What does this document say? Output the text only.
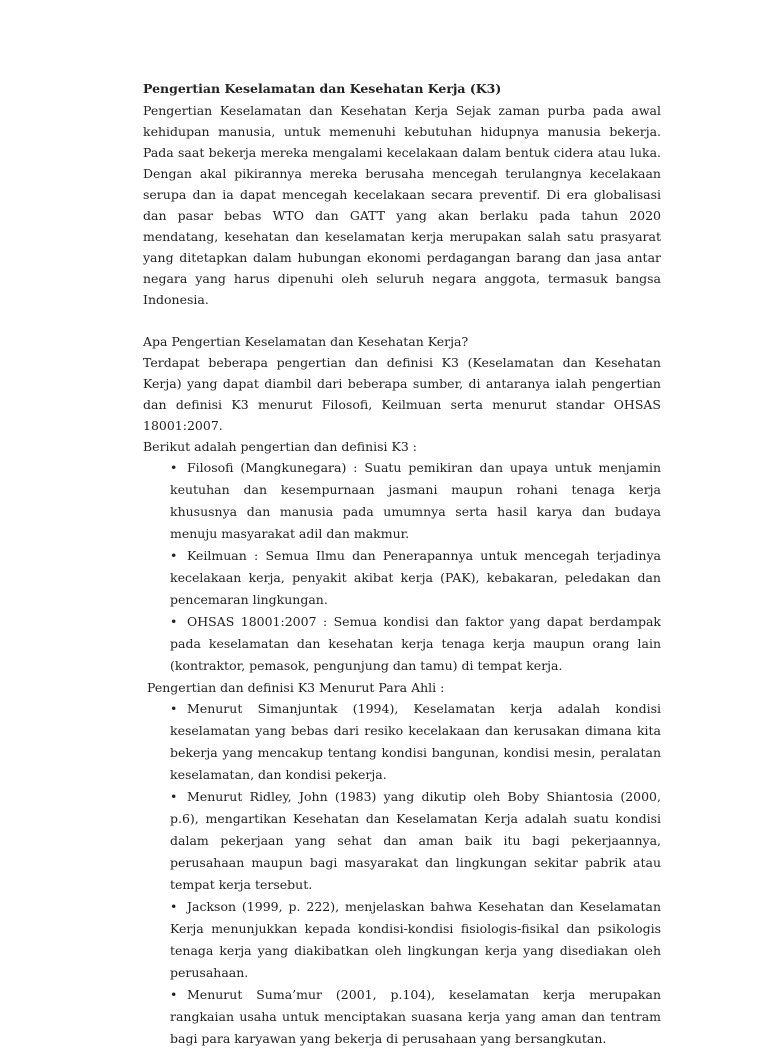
Pengertian Keselamatan dan Kesehatan Kerja (K3)

Pengertian Keselamatan dan Kesehatan Kerja Sejak zaman purba pada awal kehidupan manusia, untuk memenuhi kebutuhan hidupnya manusia bekerja. Pada saat bekerja mereka mengalami kecelakaan dalam bentuk cidera atau luka. Dengan akal pikirannya mereka berusaha mencegah terulangnya kecelakaan serupa dan ia dapat mencegah kecelakaan secara preventif. Di era globalisasi dan pasar bebas WTO dan GATT yang akan berlaku pada tahun 2020 mendatang, kesehatan dan keselamatan kerja merupakan salah satu prasyarat yang ditetapkan dalam hubungan ekonomi perdagangan barang dan jasa antar negara yang harus dipenuhi oleh seluruh negara anggota, termasuk bangsa Indonesia.

Apa Pengertian Keselamatan dan Kesehatan Kerja?

Terdapat beberapa pengertian dan definisi K3 (Keselamatan dan Kesehatan Kerja) yang dapat diambil dari beberapa sumber, di antaranya ialah pengertian dan definisi K3 menurut Filosofi, Keilmuan serta menurut standar OHSAS 18001:2007.

Berikut adalah pengertian dan definisi K3 :

• Filosofi (Mangkunegara) : Suatu pemikiran dan upaya untuk menjamin keutuhan dan kesempurnaan jasmani maupun rohani tenaga kerja khususnya dan manusia pada umumnya serta hasil karya dan budaya menuju masyarakat adil dan makmur.
• Keilmuan : Semua Ilmu dan Penerapannya untuk mencegah terjadinya kecelakaan kerja, penyakit akibat kerja (PAK), kebakaran, peledakan dan pencemaran lingkungan.
• OHSAS 18001:2007 : Semua kondisi dan faktor yang dapat berdampak pada keselamatan dan kesehatan kerja tenaga kerja maupun orang lain (kontraktor, pemasok, pengunjung dan tamu) di tempat kerja.

Pengertian dan definisi K3 Menurut Para Ahli :

• Menurut Simanjuntak (1994), Keselamatan kerja adalah kondisi keselamatan yang bebas dari resiko kecelakaan dan kerusakan dimana kita bekerja yang mencakup tentang kondisi bangunan, kondisi mesin, peralatan keselamatan, dan kondisi pekerja.
• Menurut Ridley, John (1983) yang dikutip oleh Boby Shiantosia (2000, p.6), mengartikan Kesehatan dan Keselamatan Kerja adalah suatu kondisi dalam pekerjaan yang sehat dan aman baik itu bagi pekerjaannya, perusahaan maupun bagi masyarakat dan lingkungan sekitar pabrik atau tempat kerja tersebut.
• Jackson (1999, p. 222), menjelaskan bahwa Kesehatan dan Keselamatan Kerja menunjukkan kepada kondisi-kondisi fisiologis-fisikal dan psikologis tenaga kerja yang diakibatkan oleh lingkungan kerja yang disediakan oleh perusahaan.
• Menurut Suma’mur (2001, p.104), keselamatan kerja merupakan rangkaian usaha untuk menciptakan suasana kerja yang aman dan tentram bagi para karyawan yang bekerja di perusahaan yang bersangkutan.
